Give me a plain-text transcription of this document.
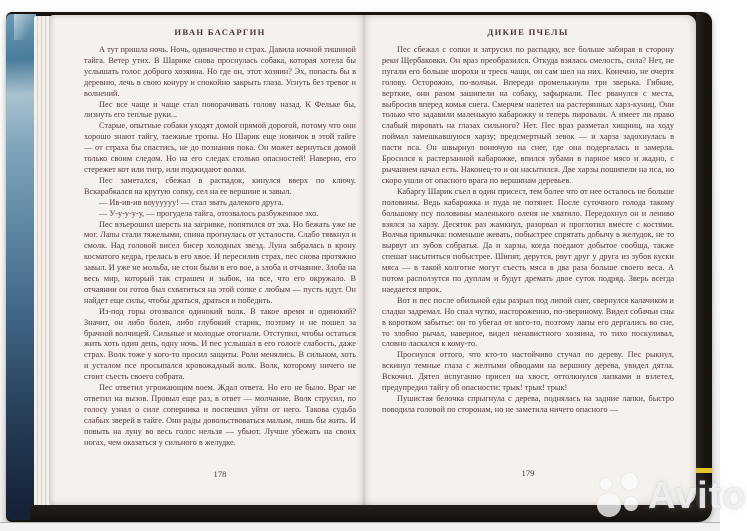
ИВАН БАСАРГИН

А тут пришла ночь. Ночь, одиночество и страх. Давила ночной тишиной тайга. Ветер утих. В Шарике снова проснулась собака, которая хотела бы услышать голос доброго хозяина. Но где он, этот хозяин? Эх, попасть бы в деревню, лечь в свою конуру и спокойно закрыть глаза. Уснуть без тревог и волнений.

Пес все чаще и чаще стал поворачивать голову назад. К Фельке бы, лизнуть его теплые руки...

Старые, опытные собаки уходят домой прямой дорогой, потому что они хорошо знают тайгу, таежные тропы. Но Шарик еще новичок в этой тайге — от страха бы спастись, не до познания пока. Он может вернуться домой только своим следом. Но на его следах столько опасностей! Наверно, его стережет кот или тигр, или поджидают волки.

Пес заметался, сбежал в распадок, кинулся вверх по ключу. Вскарабкался на крутую сопку, сел на ее вершине и завыл.

— Ив-ив-ив воуууууу! — стал звать далекого друга.

— У-у-у-у-у, — прогудела тайга, отозвалось разбуженное эхо.

Пес взъерошил шерсть на загривке, попятился от эха. Но бежать уже не мог. Лапы стали тяжелыми, спина прогнулась от усталости. Слабо тявкнул и смолк. Над головой висел бисер холодных звезд. Луна забралась в крону косматого кедра, грелась в его хвое. И пересилив страх, пес снова протяжно завыл. И уже не мольба, не стон были в его вое, а злоба и отчаяние. Злоба на весь мир, который так страшен и зыбок, на все, что его окружало. В отчаянии он готов был схватиться на этой сопке с любым — пусть идут. Он найдет еще силы, чтобы драться, драться и победить.

Из-под горы отозвался одинокий волк. В такое время и одинокий? Значит, он либо болен, либо глубокий старик, поэтому и не пошел за брачной волчицей. Сильные и молодые отогнали. Отступил, чтобы остаться жить хоть один день, одну ночь. И пес услышал в его голосе слабость, даже страх. Волк тоже у кого-то просил защиты. Роли менялись. В сильном, хоть и усталом псе просыпался кровожадный волк. Волк, которому ничего не стоит съесть своего собрата.

Пес ответил угрожающим воем. Ждал ответа. Но его не было. Враг не ответил на вызов. Провыл еще раз, в ответ — молчание. Волк струсил, по голосу узнал о силе соперника и поспешил уйти от него. Такова судьба слабых зверей в тайге. Они рады довольствоваться малым, лишь бы жить. И повыть на луну во весь голос нельзя — убьют. Лучше убежать на своих ногах, чем оказаться у сильного в желудке.

178
ДИКИЕ ПЧЕЛЫ

Пес сбежал с сопки и затрусил по распадку, все больше забирая в сторону реки Щербаковки. Он враз преобразился. Откуда взялась смелость, сила? Нет, не пугали его больше шорохи и треск чащи, он сам шел на них. Конечно, не очертя голову. Осторожно, по-волчьи. Впереди промелькнули три зверька. Гибкие, верткие, они разом зашипели на собаку, зафыркали. Пес рванулся с места, выбросив вперед комья снега. Смерчем налетел на растерянных харз-куниц. Они только что задавили маленькую кабарожку и теперь пировали. А имеет ли право слабый пировать на глазах сильного? Нет. Пес враз разметал хищниц, на ходу поймал замешкавшуюся харзу; предсмертный зевок — и харза задохнулась в пасти пса. Он швырнул вонючую на снег, где она подергалась и замерла. Бросился к растерзанной кабарожке, впился зубами в парное мясо и жадно, с рычанием начал есть. Наконец-то и он насытился. Две харзы пошипели на пса, но скоро ушли от опасного врага по вершинам деревьев.

Кабаргу Шарик съел в один присест, тем более что от нее осталось не больше половины. Ведь кабарожка и пуда не потянет. После суточного голода такому большому псу половины маленького оленя не хватило. Передохнул он и лениво взялся за харзу. Десяток раз жамкнул, разорвал и проглотил вместе с костями. Волчья привычка: поменьше жевать, побыстрее спрятать добычу в желудок, не то вырвут из зубов собратья. Да и харзы, когда поедают добытое сообща, также спешат насытиться побыстрее. Шипят, дерутся, рвут друг у друга из зубов куски мяса — в такой колготне могут съесть мяса в два раза больше своего веса. А потом расползутся по дуплам и будут дремать двое суток подряд. Зверь всегда наедается впрок.

Вот и пес после обильной еды разрыл под липой снег, свернулся калачиком и сладко задремал. Но спал чутко, настороженно, по-звериному. Видел собачьи сны в коротком забытье: он то убегал от кого-то, поэтому лапы его дергались во сне, то злобно рычал, наверное, видел ненавистного хозяина, то тихо поскуливал, словно ласкался к кому-то.

Проснулся оттого, что кто-то настойчиво стучал по дереву. Пес рыкнул, вскинул темные глаза с желтыми обводами на вершину дерева, увидел дятла. Вскочил. Дятел испуганно присел на хвост, оттолкнулся лапками и взлетел, предупредил тайгу об опасности: трык! трык! трык!

Пушистая белочка спрыгнула с дерева, поднялась на задние лапки, быстро поводила головой по сторонам, но не заметила ничего опасного —

179
Avito
